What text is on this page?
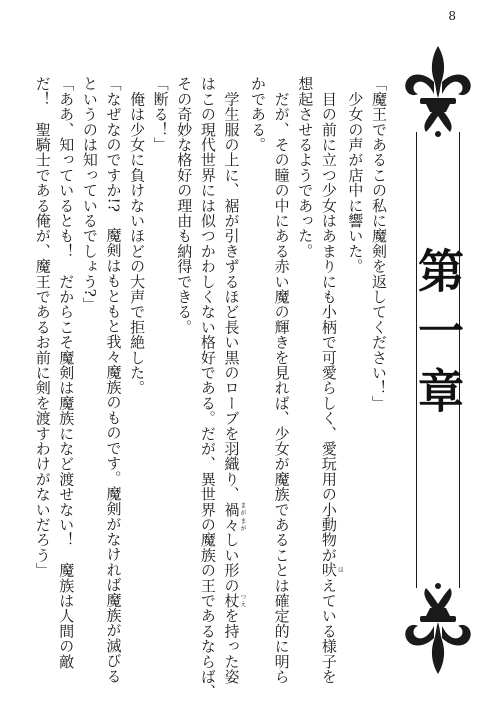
8
「魔王であるこの私に魔剣を返してください！」
　少女の声が店中に響いた。
　目の前に立つ少女はあまりにも小柄で可愛らしく、愛玩用の小動物が吠ほえている様子を
想起させるようであった。
　だが、その瞳の中にある赤い魔の輝きを見れば、少女が魔族であることは確定的に明ら
かである。
　学生服の上に、裾が引きずるほど長い黒のローブを羽織り、禍々まがまがしい形の杖つえを持った姿
はこの現代世界には似つかわしくない格好である。だが、異世界の魔族の王であるならば、
その奇妙な格好の理由も納得できる。
「断る！」
　俺は少女に負けないほどの大声で拒絶した。
「なぜなのですか!?　魔剣はもともと我々魔族のものです。魔剣がなければ魔族が滅びる
というのは知っているでしょう?」
「ああ、知っているとも！　だからこそ魔剣は魔族になど渡せない！　魔族は人間の敵
だ！　聖騎士である俺が、魔王であるお前に剣を渡すわけがないだろう」	第一章
